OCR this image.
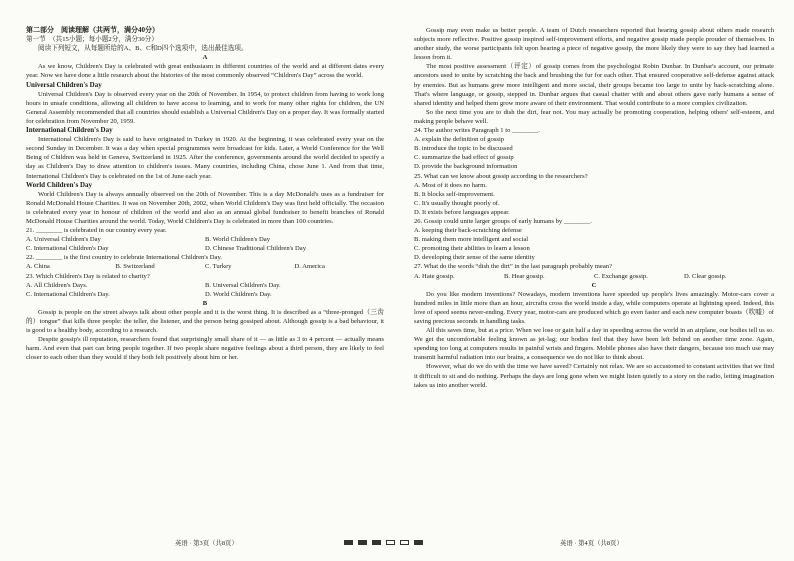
第二部分　阅读理解（共两节，满分40分）

第一节　（共15小题；每小题2分，满分30分）

阅读下列短文，从每题所给的A、B、C和D四个选项中，选出最佳选项。

A

As we know, Children's Day is celebrated with great enthusiasm in different countries of the world and at different dates every year. Now we have done a little research about the histories of the most commonly observed “Children's Day” across the world.

Universal Children's Day

Universal Children's Day is observed every year on the 20th of November. In 1954, to protect children from having to work long hours in unsafe conditions, allowing all children to have access to learning, and to work for many other rights for children, the UN General Assembly recommended that all countries should establish a Universal Children's Day on a proper day. It was formally started for celebration from November 20, 1959.

International Children's Day

International Children's Day is said to have originated in Turkey in 1920. At the beginning, it was celebrated every year on the second Sunday in December. It was a day when special programmes were broadcast for kids. Later, a World Conference for the Well Being of Children was held in Geneva, Switzerland in 1925. After the conference, governments around the world decided to specify a day as Children's Day to draw attention to children's issues. Many countries, including China, chose June 1. And from that time, International Children's Day is celebrated on the 1st of June each year.

World Children's Day

World Children's Day is always annually observed on the 20th of November. This is a day McDonald's uses as a fundraiser for Ronald McDonald House Charities. It was on November 20th, 2002, when World Children's Day was first held officially. The occasion is celebrated every year in honour of children of the world and also as an annual global fundraiser to benefit branches of Ronald McDonald House Charities around the world. Today, World Children's Day is celebrated in more than 100 countries.

21. ________ is celebrated in our country every year.

A. Universal Children's Day	B. World Children's Day
C. International Children's Day	D. Chinese Traditional Children's Day

22. ________ is the first country to celebrate International Children's Day.

A. China	B. Switzerland	C. Turkey	D. America

23. Which Children's Day is related to charity?

A. All Children's Days.	B. Universal Children's Day.
C. International Children's Day.	D. World Children's Day.

B

Gossip is people on the street always talk about other people and it is the worst thing. It is described as a “three-pronged（三齿的）tongue” that kills three people: the teller, the listener, and the person being gossiped about. Although gossip is a bad behaviour, it is good to a healthy body, according to a research.

Despite gossip's ill reputation, researchers found that surprisingly small share of it — as little as 3 to 4 percent — actually means harm. And even that part can bring people together. If two people share negative feelings about a third person, they are likely to feel closer to each other than they would if they both felt positively about him or her.

Gossip may even make us better people. A team of Dutch researchers reported that hearing gossip about others made research subjects more reflective. Positive gossip inspired self-improvement efforts, and negative gossip made people prouder of themselves. In another study, the worse participants felt upon hearing a piece of negative gossip, the more likely they were to say they had learned a lesson from it.

The most positive assessment（评定）of gossip comes from the psychologist Robin Dunbar. In Dunbar's account, our primate ancestors used to unite by scratching the back and brushing the fur for each other. That ensured cooperative self-defense against attack by enemies. But as humans grew more intelligent and more social, their groups became too large to unite by back-scratching alone. That's where language, or gossip, stepped in. Dunbar argues that casual chatter with and about others gave early humans a sense of shared identity and helped them grow more aware of their environment. That would contribute to a more complex civilization.

So the next time you are to dish the dirt, fear not. You may actually be promoting cooperation, helping others' self-esteem, and making people behave well.

24. The author writes Paragraph 1 to ________.

A. explain the definition of gossip
B. introduce the topic to be discussed
C. summarize the bad effect of gossip
D. provide the background information

25. What can we know about gossip according to the researchers?

A. Most of it does no harm.
B. It blocks self-improvement.
C. It's usually thought poorly of.
D. It exists before languages appear.

26. Gossip could unite larger groups of early humans by ________.

A. keeping their back-scratching defense
B. making them more intelligent and social
C. promoting their abilities to learn a lesson
D. developing their sense of the same identity

27. What do the words “dish the dirt” in the last paragraph probably mean?

A. Hate gossip.	B. Hear gossip.	C. Exchange gossip.	D. Clear gossip.

C

Do you like modern inventions? Nowadays, modern inventions have speeded up people's lives amazingly. Motor-cars cover a hundred miles in little more than an hour, aircrafts cross the world inside a day, while computers operate at lightning speed. Indeed, this love of speed seems never-ending. Every year, motor-cars are produced which go even faster and each new computer boasts（吹嘘）of saving precious seconds in handling tasks.

All this saves time, but at a price. When we lose or gain half a day in speeding across the world in an airplane, our bodies tell us so. We get the uncomfortable feeling known as jet-lag; our bodies feel that they have been left behind on another time zone. Again, spending too long at computers results in painful wrists and fingers. Mobile phones also have their dangers, because too much use may transmit harmful radiation into our brains, a consequence we do not like to think about.

However, what do we do with the time we have saved? Certainly not relax. We are so accustomed to constant activities that we find it difficult to sit and do nothing. Perhaps the days are long gone when we might listen quietly to a story on the radio, letting imagination takes us into another world.

英语 · 第3页（共8页）	英语 · 第4页（共8页）
